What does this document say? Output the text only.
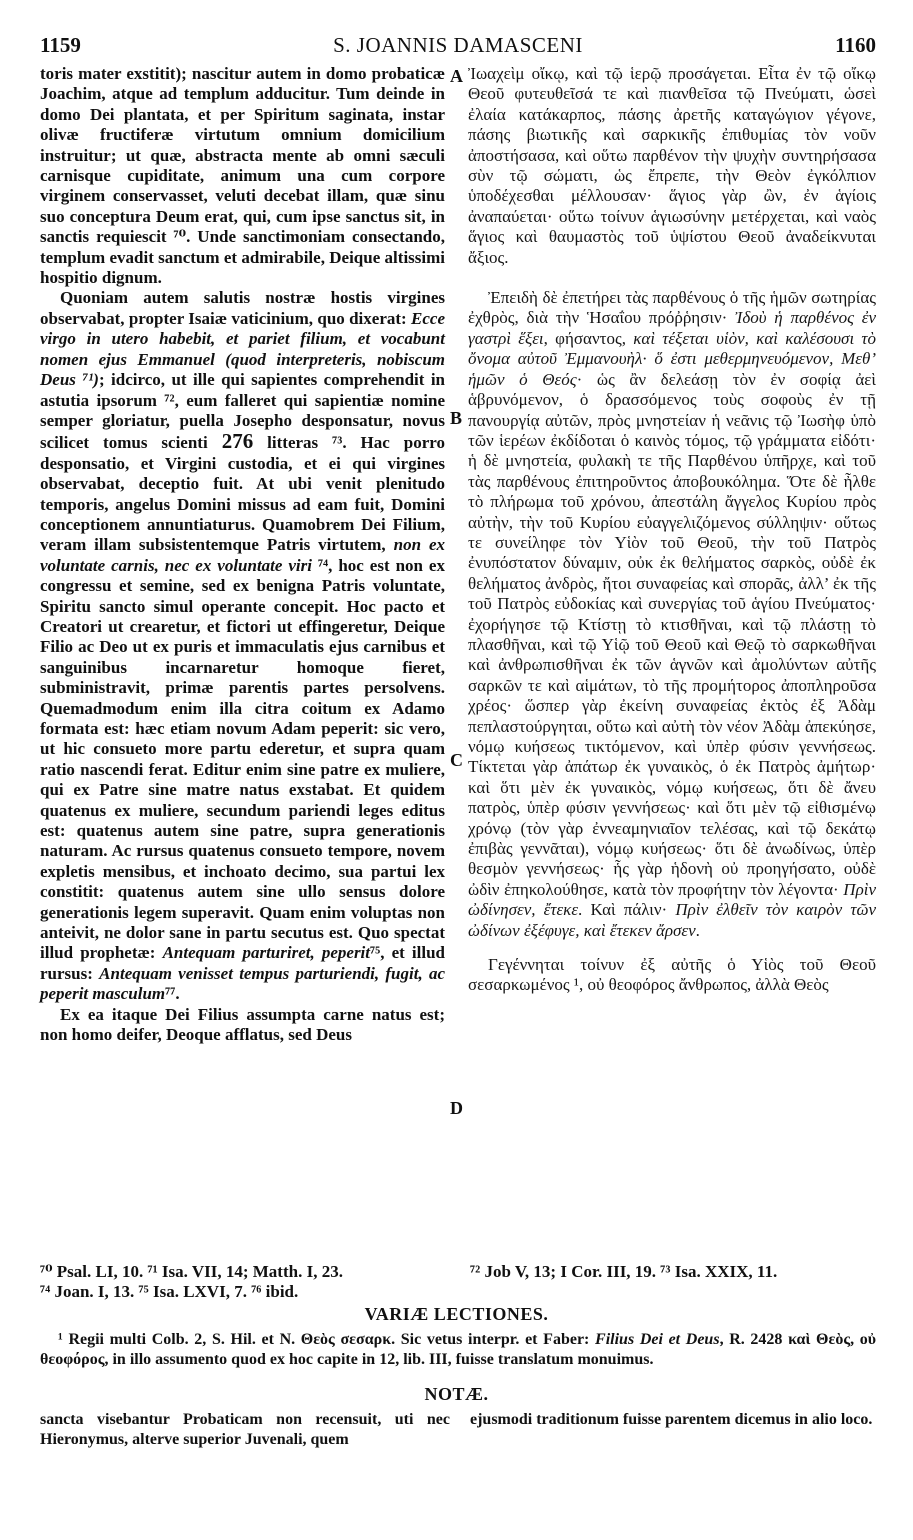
1159	S. JOANNIS DAMASCENI	1160
A
B
C
D

toris mater exstitit); nascitur autem in domo probaticæ Joachim, atque ad templum adducitur. Tum deinde in domo Dei plantata, et per Spiritum saginata, instar olivæ fructiferæ virtutum omnium domicilium instruitur; ut quæ, abstracta mente ab omni sæculi carnisque cupiditate, animum una cum corpore virginem conservasset, veluti decebat illam, quæ sinu suo conceptura Deum erat, qui, cum ipse sanctus sit, in sanctis requiescit ⁷⁰. Unde sanctimoniam consectando, templum evadit sanctum et admirabile, Deique altissimi hospitio dignum.

Quoniam autem salutis nostræ hostis virgines observabat, propter Isaiæ vaticinium, quo dixerat: Ecce virgo in utero habebit, et pariet filium, et vocabunt nomen ejus Emmanuel (quod interpreteris, nobiscum Deus ⁷¹); idcirco, ut ille qui sapientes comprehendit in astutia ipsorum ⁷², eum falleret qui sapientiæ nomine semper gloriatur, puella Josepho desponsatur, novus scilicet tomus scienti 276 litteras ⁷³. Hac porro desponsatio, et Virgini custodia, et ei qui virgines observabat, deceptio fuit. At ubi venit plenitudo temporis, angelus Domini missus ad eam fuit, Domini conceptionem annuntiaturus. Quamobrem Dei Filium, veram illam subsistentemque Patris virtutem, non ex voluntate carnis, nec ex voluntate viri ⁷⁴, hoc est non ex congressu et semine, sed ex benigna Patris voluntate, Spiritu sancto simul operante concepit. Hoc pacto et Creatori ut crearetur, et fictori ut effingeretur, Deique Filio ac Deo ut ex puris et immaculatis ejus carnibus et sanguinibus incarnaretur homoque fieret, subministravit, primæ parentis partes persolvens. Quemadmodum enim illa citra coitum ex Adamo formata est: hæc etiam novum Adam peperit: sic vero, ut hic consueto more partu ederetur, et supra quam ratio nascendi ferat. Editur enim sine patre ex muliere, qui ex Patre sine matre natus exstabat. Et quidem quatenus ex muliere, secundum pariendi leges editus est: quatenus autem sine patre, supra generationis naturam. Ac rursus quatenus consueto tempore, novem expletis mensibus, et inchoato decimo, sua partui lex constitit: quatenus autem sine ullo sensus dolore generationis legem superavit. Quam enim voluptas non anteivit, ne dolor sane in partu secutus est. Quo spectat illud prophetæ: Antequam parturiret, peperit⁷⁵, et illud rursus: Antequam venisset tempus parturiendi, fugit, ac peperit masculum⁷⁷.

Ex ea itaque Dei Filius assumpta carne natus est; non homo deifer, Deoque afflatus, sed Deus

Ἰωαχεὶμ οἴκῳ, καὶ τῷ ἱερῷ προσάγεται. Εἶτα ἐν τῷ οἴκῳ Θεοῦ φυτευθεῖσά τε καὶ πιανθεῖσα τῷ Πνεύματι, ὡσεὶ ἐλαία κατάκαρπος, πάσης ἀρετῆς καταγώγιον γέγονε, πάσης βιωτικῆς καὶ σαρκικῆς ἐπιθυμίας τὸν νοῦν ἀποστήσασα, καὶ οὕτω παρθένον τὴν ψυχὴν συντηρήσασα σὺν τῷ σώματι, ὡς ἔπρεπε, τὴν Θεὸν ἐγκόλπιον ὑποδέχεσθαι μέλλουσαν· ἅγιος γὰρ ὢν, ἐν ἁγίοις ἀναπαύεται· οὕτω τοίνυν ἁγιωσύνην μετέρχεται, καὶ ναὸς ἅγιος καὶ θαυμαστὸς τοῦ ὑψίστου Θεοῦ ἀναδείκνυται ἄξιος.

Ἐπειδὴ δὲ ἐπετήρει τὰς παρθένους ὁ τῆς ἡμῶν σωτηρίας ἐχθρὸς, διὰ τὴν Ἡσαΐου πρόῤῥησιν· Ἰδοὺ ἡ παρθένος ἐν γαστρὶ ἕξει, φήσαντος, καὶ τέξεται υἱὸν, καὶ καλέσουσι τὸ ὄνομα αὐτοῦ Ἐμμανουὴλ· ὅ ἐστι μεθερμηνευόμενον, Μεθ’ ἡμῶν ὁ Θεός· ὡς ἂν δελεάσῃ τὸν ἐν σοφίᾳ ἀεὶ ἁβρυνόμενον, ὁ δρασσόμενος τοὺς σοφοὺς ἐν τῇ πανουργίᾳ αὐτῶν, πρὸς μνηστείαν ἡ νεᾶνις τῷ Ἰωσὴφ ὑπὸ τῶν ἱερέων ἐκδίδοται ὁ καινὸς τόμος, τῷ γράμματα εἰδότι· ἡ δὲ μνηστεία, φυλακὴ τε τῆς Παρθένου ὑπῆρχε, καὶ τοῦ τὰς παρθένους ἐπιτηροῦντος ἀποβουκόλημα. Ὅτε δὲ ἦλθε τὸ πλήρωμα τοῦ χρόνου, ἀπεστάλη ἄγγελος Κυρίου πρὸς αὐτὴν, τὴν τοῦ Κυρίου εὐαγγελιζόμενος σύλληψιν· οὕτως τε συνείληφε τὸν Υἱὸν τοῦ Θεοῦ, τὴν τοῦ Πατρὸς ἐνυπόστατον δύναμιν, οὐκ ἐκ θελήματος σαρκὸς, οὐδὲ ἐκ θελήματος ἀνδρὸς, ἤτοι συναφείας καὶ σπορᾶς, ἀλλ’ ἐκ τῆς τοῦ Πατρὸς εὐδοκίας καὶ συνεργίας τοῦ ἁγίου Πνεύματος· ἐχορήγησε τῷ Κτίστῃ τὸ κτισθῆναι, καὶ τῷ πλάστῃ τὸ πλασθῆναι, καὶ τῷ Υἱῷ τοῦ Θεοῦ καὶ Θεῷ τὸ σαρκωθῆναι καὶ ἀνθρωπισθῆναι ἐκ τῶν ἁγνῶν καὶ ἀμολύντων αὐτῆς σαρκῶν τε καὶ αἱμάτων, τὸ τῆς προμήτορος ἀποπληροῦσα χρέος· ὥσπερ γὰρ ἐκείνη συναφείας ἐκτὸς ἐξ Ἀδὰμ πεπλαστούργηται, οὕτω καὶ αὐτὴ τὸν νέον Ἀδὰμ ἀπεκύησε, νόμῳ κυήσεως τικτόμενον, καὶ ὑπὲρ φύσιν γεννήσεως. Τίκτεται γὰρ ἀπάτωρ ἐκ γυναικὸς, ὁ ἐκ Πατρὸς ἀμήτωρ· καὶ ὅτι μὲν ἐκ γυναικὸς, νόμῳ κυήσεως, ὅτι δὲ ἄνευ πατρὸς, ὑπὲρ φύσιν γεννήσεως· καὶ ὅτι μὲν τῷ εἰθισμένῳ χρόνῳ (τὸν γὰρ ἐννεαμηνιαῖον τελέσας, καὶ τῷ δεκάτῳ ἐπιβὰς γεννᾶται), νόμῳ κυήσεως· ὅτι δὲ ἀνωδίνως, ὑπὲρ θεσμὸν γεννήσεως· ἧς γὰρ ἡδονὴ οὐ προηγήσατο, οὐδὲ ὠδὶν ἐπηκολούθησε, κατὰ τὸν προφήτην τὸν λέγοντα· Πρὶν ὠδίνησεν, ἔτεκε. Καὶ πάλιν· Πρὶν ἐλθεῖν τὸν καιρὸν τῶν ὠδίνων ἐξέφυγε, καὶ ἔτεκεν ἄρσεν.

Γεγέννηται τοίνυν ἐξ αὐτῆς ὁ Υἱὸς τοῦ Θεοῦ σεσαρκωμένος ¹, οὐ θεοφόρος ἄνθρωπος, ἀλλὰ Θεὸς

⁷⁰ Psal. LI, 10. ⁷¹ Isa. VII, 14; Matth. I, 23.
⁷⁴ Joan. I, 13. ⁷⁵ Isa. LXVI, 7. ⁷⁶ ibid.
⁷² Job V, 13; I Cor. III, 19. ⁷³ Isa. XXIX, 11.
VARIÆ LECTIONES.
¹ Regii multi Colb. 2, S. Hil. et N. Θεὸς σεσαρκ. Sic vetus interpr. et Faber: Filius Dei et Deus, R. 2428 καὶ Θεὸς, οὐ θεοφόρος, in illo assumento quod ex hoc capite in 12, lib. III, fuisse translatum monuimus.
NOTÆ.
sancta visebantur Probaticam non recensuit, uti nec Hieronymus, alterve superior Juvenali, quem
ejusmodi traditionum fuisse parentem dicemus in alio loco.
